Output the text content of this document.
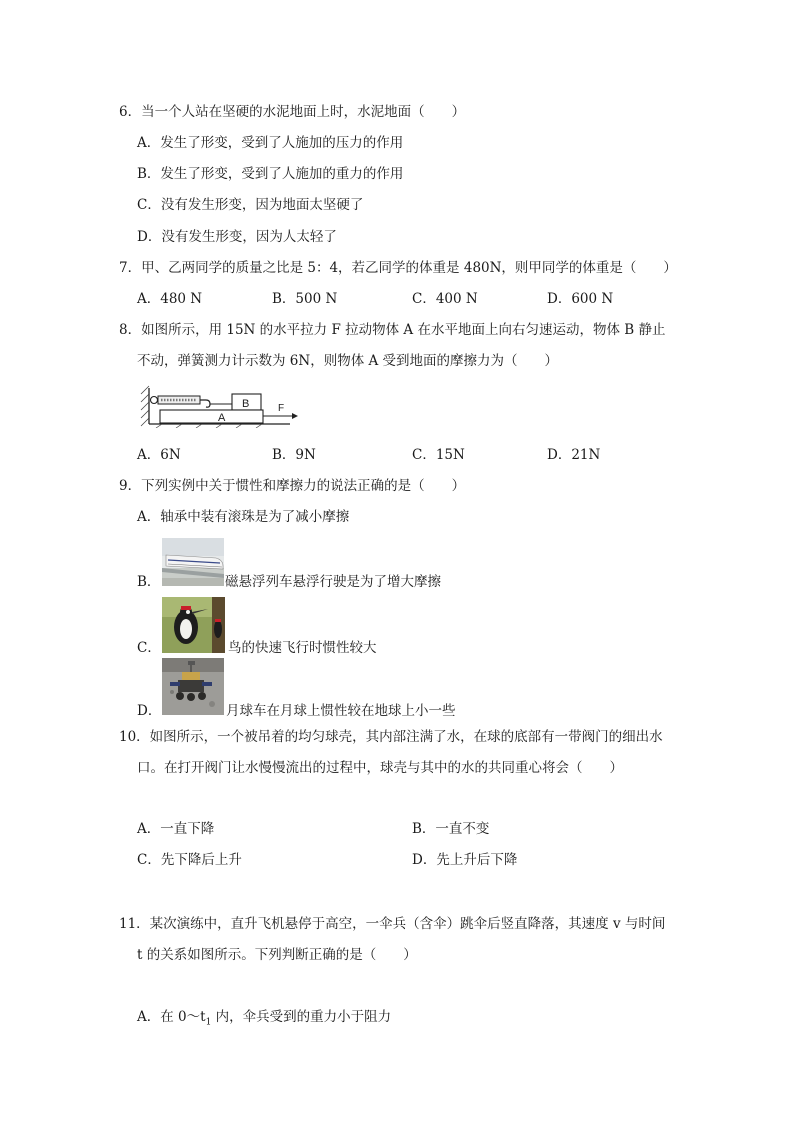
6．当一个人站在坚硬的水泥地面上时，水泥地面（　　）
A．发生了形变，受到了人施加的压力的作用
B．发生了形变，受到了人施加的重力的作用
C．没有发生形变，因为地面太坚硬了
D．没有发生形变，因为人太轻了
7．甲、乙两同学的质量之比是 5：4，若乙同学的体重是 480N，则甲同学的体重是（　　）
A．480 N	B．500 N	C．400 N	D．600 N
8．如图所示，用 15N 的水平拉力 F 拉动物体 A 在水平地面上向右匀速运动，物体 B 静止
不动，弹簧测力计示数为 6N，则物体 A 受到地面的摩擦力为（　　）
B
A
F
A．6N	B．9N	C．15N	D．21N
9．下列实例中关于惯性和摩擦力的说法正确的是（　　）
A．轴承中装有滚珠是为了减小摩擦
B．	磁悬浮列车悬浮行驶是为了增大摩擦
C．	鸟的快速飞行时惯性较大
D．	月球车在月球上惯性较在地球上小一些
10．如图所示，一个被吊着的均匀球壳，其内部注满了水，在球的底部有一带阀门的细出水
口。在打开阀门让水慢慢流出的过程中，球壳与其中的水的共同重心将会（　　）
A．一直下降	B．一直不变
C．先下降后上升	D．先上升后下降
11．某次演练中，直升飞机悬停于高空，一伞兵（含伞）跳伞后竖直降落，其速度 v 与时间
t 的关系如图所示。下列判断正确的是（　　）
A．在 $0\sim t_1$ 内，伞兵受到的重力小于阻力
